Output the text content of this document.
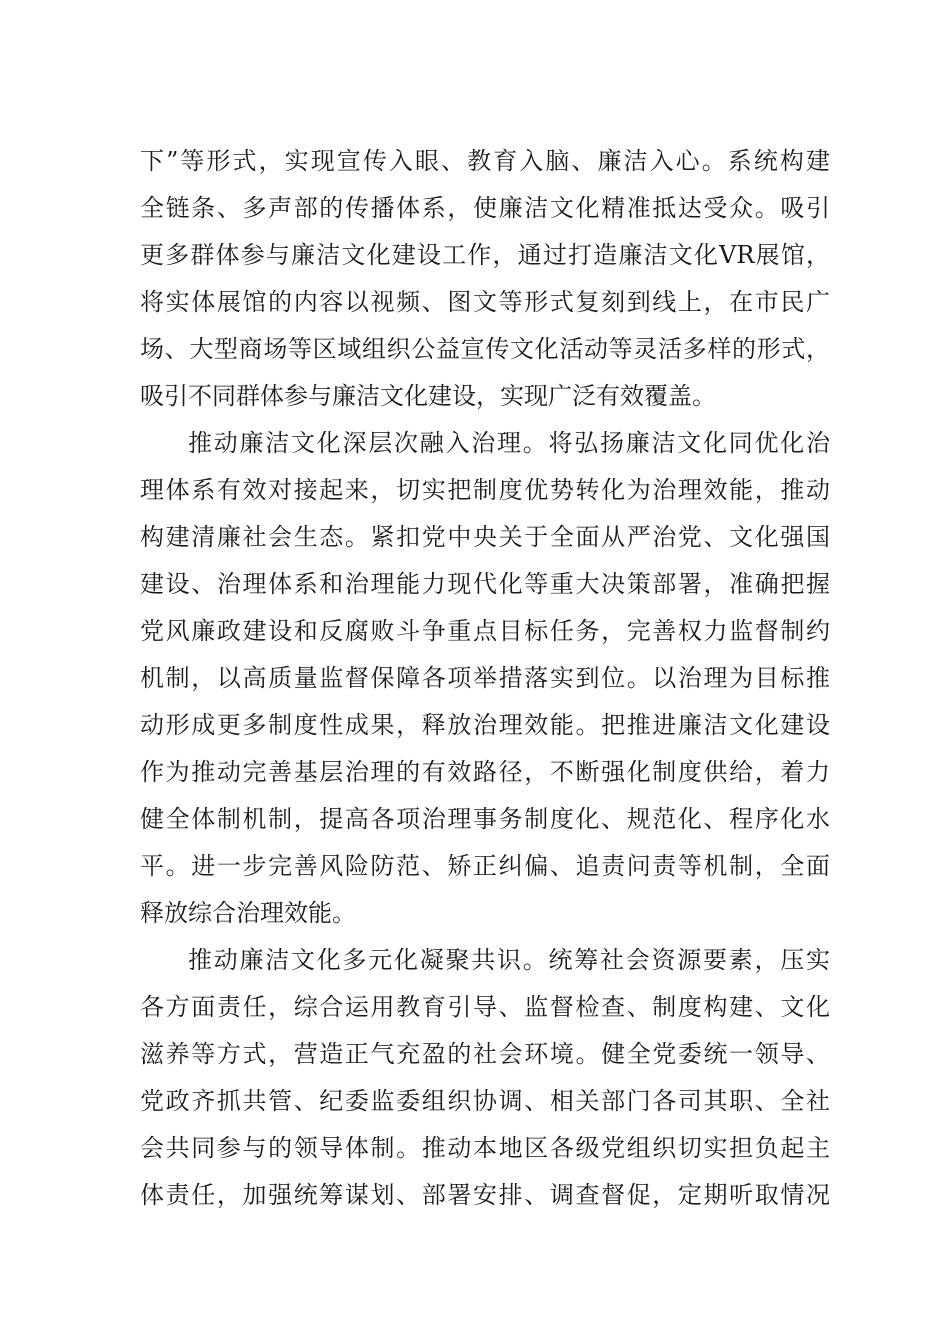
下”等形式，实现宣传入眼、教育入脑、廉洁入心。系统构建

全链条、多声部的传播体系，使廉洁文化精准抵达受众。吸引

更多群体参与廉洁文化建设工作，通过打造廉洁文化VR展馆，

将实体展馆的内容以视频、图文等形式复刻到线上，在市民广

场、大型商场等区域组织公益宣传文化活动等灵活多样的形式，

吸引不同群体参与廉洁文化建设，实现广泛有效覆盖。

推动廉洁文化深层次融入治理。将弘扬廉洁文化同优化治

理体系有效对接起来，切实把制度优势转化为治理效能，推动

构建清廉社会生态。紧扣党中央关于全面从严治党、文化强国

建设、治理体系和治理能力现代化等重大决策部署，准确把握

党风廉政建设和反腐败斗争重点目标任务，完善权力监督制约

机制，以高质量监督保障各项举措落实到位。以治理为目标推

动形成更多制度性成果，释放治理效能。把推进廉洁文化建设

作为推动完善基层治理的有效路径，不断强化制度供给，着力

健全体制机制，提高各项治理事务制度化、规范化、程序化水

平。进一步完善风险防范、矫正纠偏、追责问责等机制，全面

释放综合治理效能。

推动廉洁文化多元化凝聚共识。统筹社会资源要素，压实

各方面责任，综合运用教育引导、监督检查、制度构建、文化

滋养等方式，营造正气充盈的社会环境。健全党委统一领导、

党政齐抓共管、纪委监委组织协调、相关部门各司其职、全社

会共同参与的领导体制。推动本地区各级党组织切实担负起主

体责任，加强统筹谋划、部署安排、调查督促，定期听取情况
